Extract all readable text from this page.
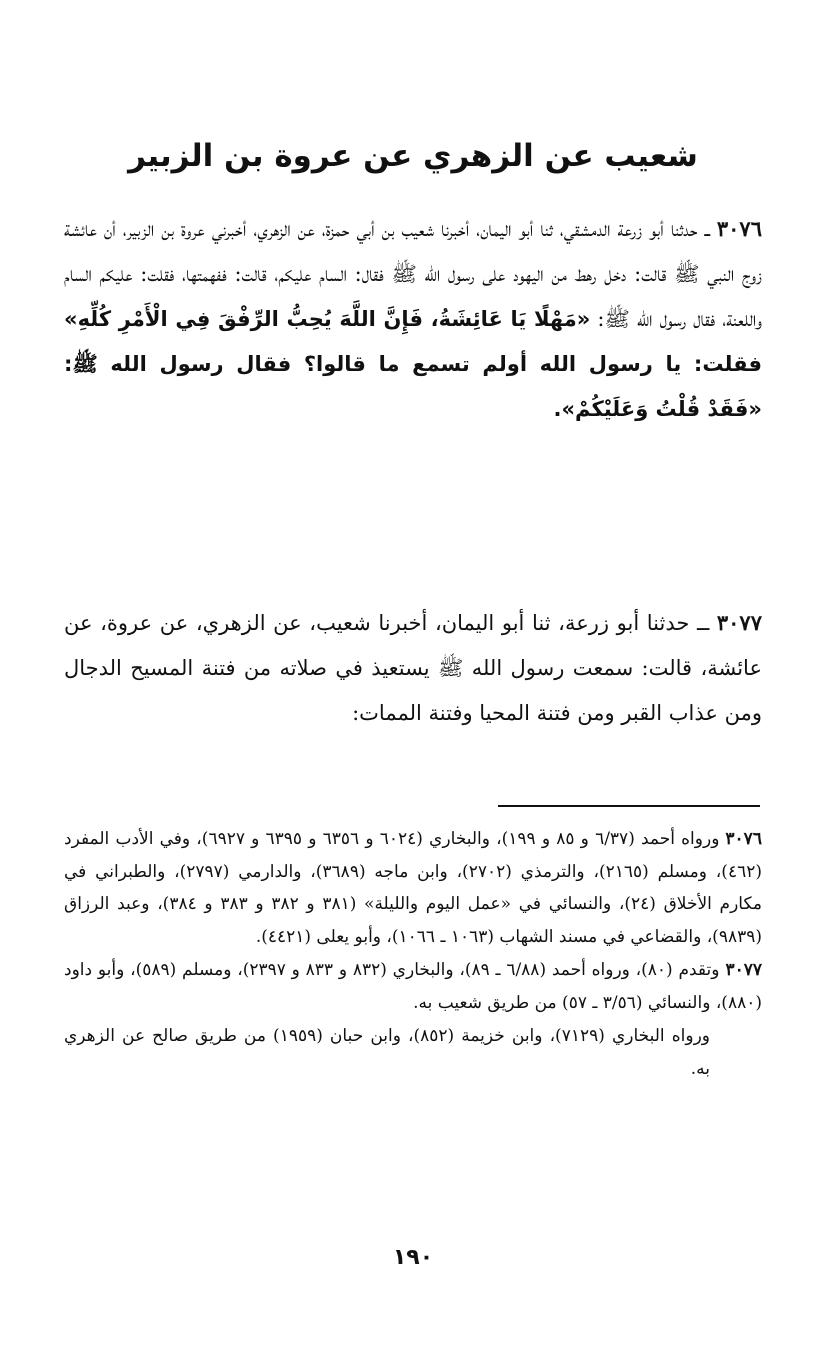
شعيب عن الزهري عن عروة بن الزبير
٣٠٧٦ ــ حدثنا أبو زرعة الدمشقي، ثنا أبو اليمان، أخبرنا شعيب بن أبي حمزة، عن الزهري، أخبرني عروة بن الزبير، أن عائشة زوج النبي ﷺ قالت: دخل رهط من اليهود على رسول الله ﷺ فقال: السام عليكم، قالت: ففهمتها، فقلت: عليكم السام واللعنة، فقال رسول الله ﷺ: «مَهْلًا يَا عَائِشَةُ، فَإِنَّ اللَّهَ يُحِبُّ الرِّفْقَ فِي الْأَمْرِ كُلِّهِ» فقلت: يا رسول الله أولم تسمع ما قالوا؟ فقال رسول الله ﷺ: «فَقَدْ قُلْتُ وَعَلَيْكُمْ».
٣٠٧٧ ــ حدثنا أبو زرعة، ثنا أبو اليمان، أخبرنا شعيب، عن الزهري، عن عروة، عن عائشة، قالت: سمعت رسول الله ﷺ يستعيذ في صلاته من فتنة المسيح الدجال ومن عذاب القبر ومن فتنة المحيا وفتنة الممات:
٣٠٧٦ورواه أحمد (٦/٣٧ و ٨٥ و ١٩٩)، والبخاري (٦٠٢٤ و ٦٣٥٦ و ٦٣٩٥ و ٦٩٢٧)، وفي الأدب المفرد (٤٦٢)، ومسلم (٢١٦٥)، والترمذي (٢٧٠٢)، وابن ماجه (٣٦٨٩)، والدارمي (٢٧٩٧)، والطبراني في مكارم الأخلاق (٢٤)، والنسائي في «عمل اليوم والليلة» (٣٨١ و ٣٨٢ و ٣٨٣ و ٣٨٤)، وعبد الرزاق (٩٨٣٩)، والقضاعي في مسند الشهاب (١٠٦٣ ـ ١٠٦٦)، وأبو يعلى (٤٤٢١).
٣٠٧٧وتقدم (٨٠)، ورواه أحمد (٦/٨٨ ـ ٨٩)، والبخاري (٨٣٢ و ٨٣٣ و ٢٣٩٧)، ومسلم (٥٨٩)، وأبو داود (٨٨٠)، والنسائي (٣/٥٦ ـ ٥٧) من طريق شعيب به.
ورواه البخاري (٧١٢٩)، وابن خزيمة (٨٥٢)، وابن حبان (١٩٥٩) من طريق صالح عن الزهري به.
١٩٠
